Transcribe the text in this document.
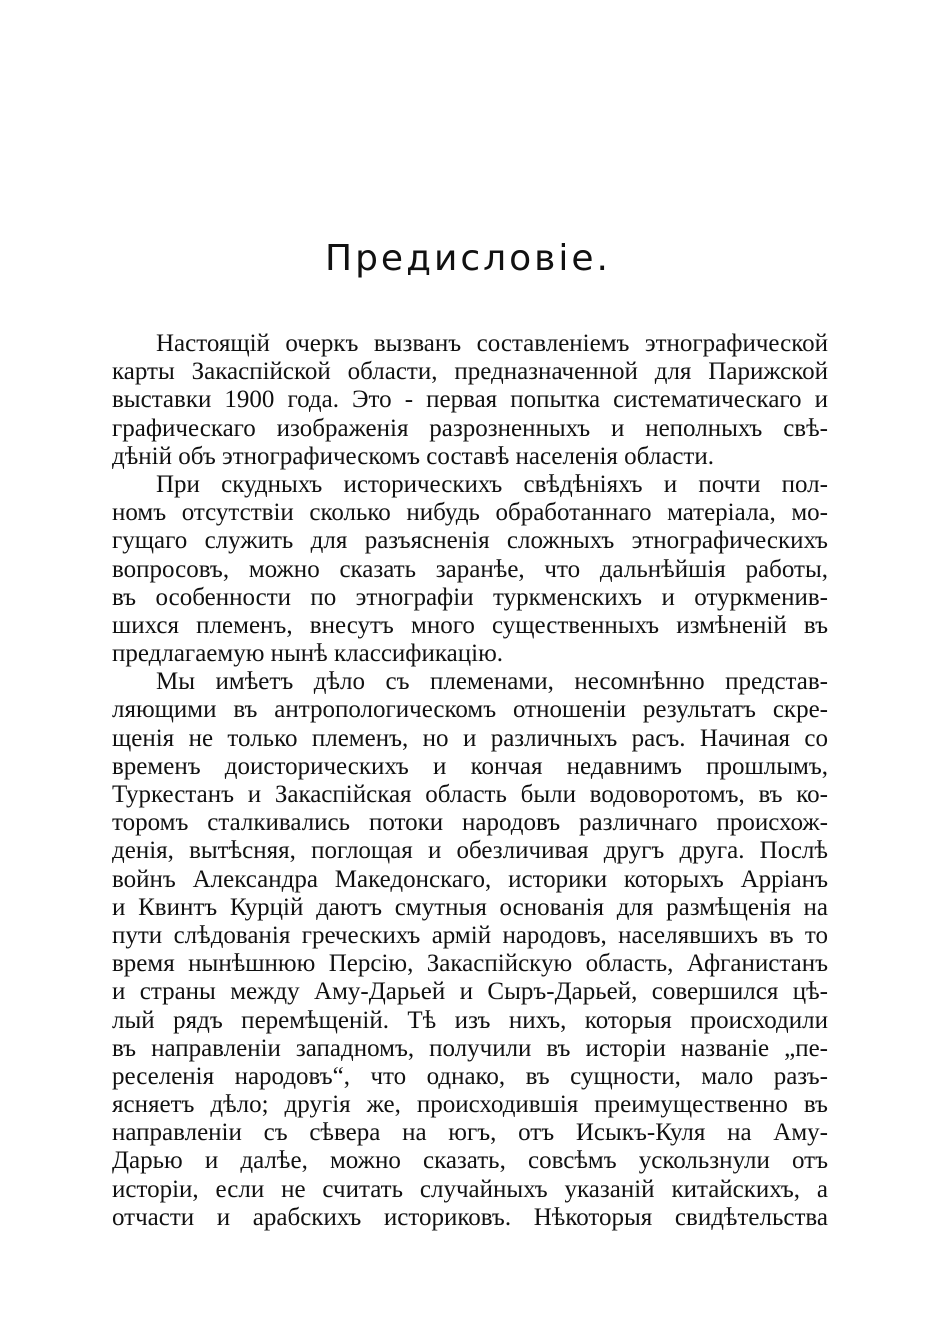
Предисловіе.
Настоящій очеркъ вызванъ составленіемъ этнографической
карты Закаспійской области, предназначенной для Парижской
выставки 1900 года. Это - первая попытка систематическаго и
графическаго изображенія разрозненныхъ и неполныхъ свѣ-
дѣній объ этнографическомъ составѣ населенія области.
При скудныхъ историческихъ свѣдѣніяхъ и почти пол-
номъ отсутствіи сколько нибудь обработаннаго матеріала, мо-
гущаго служить для разъясненія сложныхъ этнографическихъ
вопросовъ, можно сказать заранѣе, что дальнѣйшія работы,
въ особенности по этнографіи туркменскихъ и отуркменив-
шихся племенъ, внесутъ много существенныхъ измѣненій въ
предлагаемую нынѣ классификацію.
Мы имѣетъ дѣло съ племенами, несомнѣнно представ-
ляющими въ антропологическомъ отношеніи результатъ скре-
щенія не только племенъ, но и различныхъ расъ. Начиная со
временъ доисторическихъ и кончая недавнимъ прошлымъ,
Туркестанъ и Закаспійская область были водоворотомъ, въ ко-
торомъ сталкивались потоки народовъ различнаго происхож-
денія, вытѣсняя, поглощая и обезличивая другъ друга. Послѣ
войнъ Александра Македонскаго, историки которыхъ Арріанъ
и Квинтъ Курцій даютъ смутныя основанія для размѣщенія на
пути слѣдованія греческихъ армій народовъ, населявшихъ въ то
время нынѣшнюю Персію, Закаспійскую область, Афганистанъ
и страны между Аму-Дарьей и Сыръ-Дарьей, совершился цѣ-
лый рядъ перемѣщеній. Тѣ изъ нихъ, которыя происходили
въ направленіи западномъ, получили въ исторіи названіе „пе-
реселенія народовъ“, что однако, въ сущности, мало разъ-
ясняетъ дѣло; другія же, происходившія преимущественно въ
направленіи съ сѣвера на югъ, отъ Исыкъ-Куля на Аму-
Дарью и далѣе, можно сказать, совсѣмъ ускользнули отъ
исторіи, если не считать случайныхъ указаній китайскихъ, а
отчасти и арабскихъ историковъ. Нѣкоторыя свидѣтельства
